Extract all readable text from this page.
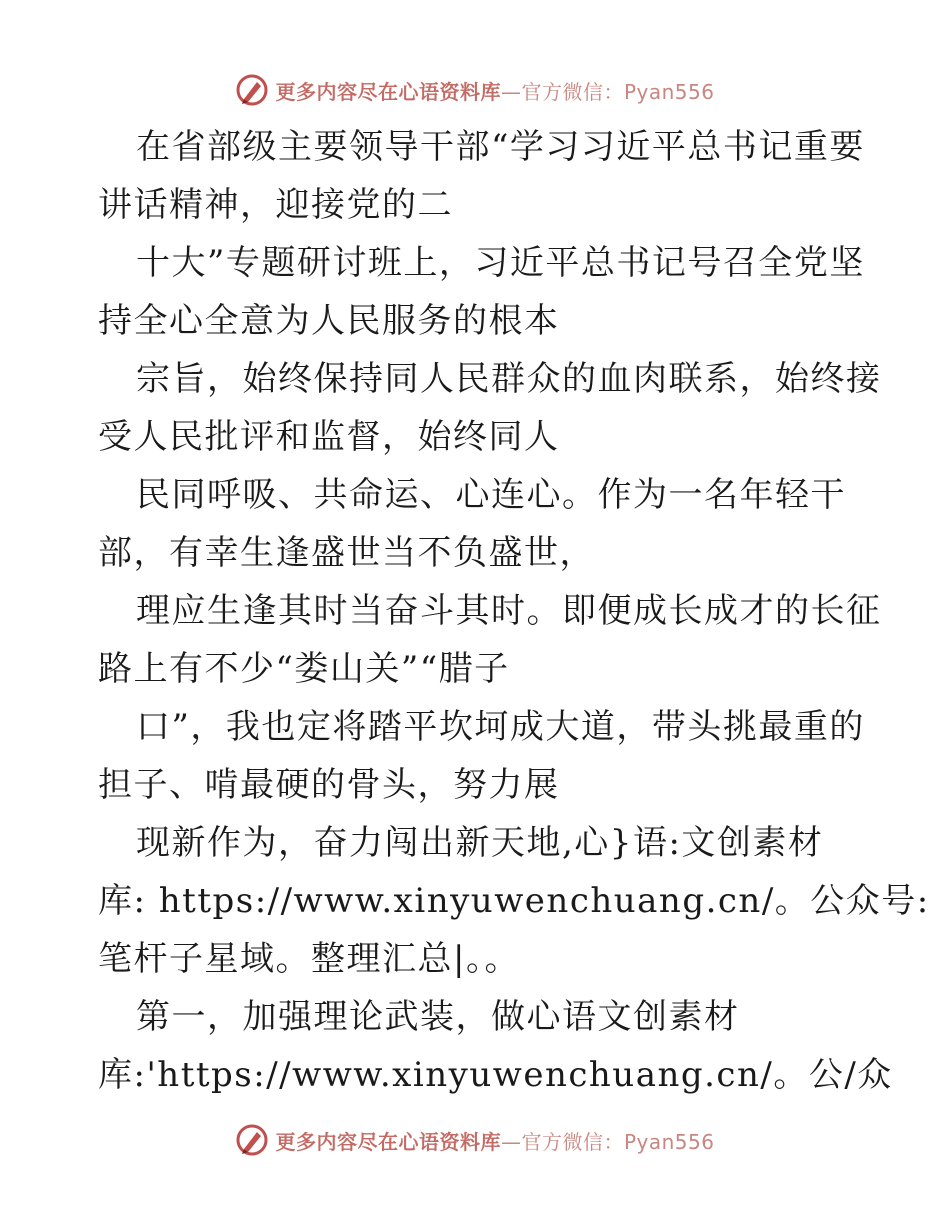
更多内容尽在心语资料库—官方微信：Pyan556
在省部级主要领导干部“学习习近平总书记重要
讲话精神，迎接党的二
十大”专题研讨班上，习近平总书记号召全党坚
持全心全意为人民服务的根本
宗旨，始终保持同人民群众的血肉联系，始终接
受人民批评和监督，始终同人
民同呼吸、共命运、心连心。作为一名年轻干
部，有幸生逢盛世当不负盛世，
理应生逢其时当奋斗其时。即便成长成才的长征
路上有不少“娄山关”“腊子
口”，我也定将踏平坎坷成大道，带头挑最重的
担子、啃最硬的骨头，努力展
现新作为，奋力闯出新天地,心}语:文创素材
库: https://www.xinyuwenchuang.cn/。公众号:
笔杆子星域。整理汇总|。。
第一，加强理论武装，做心语文创素材
库:'https://www.xinyuwenchuang.cn/。公/众
更多内容尽在心语资料库—官方微信：Pyan556
